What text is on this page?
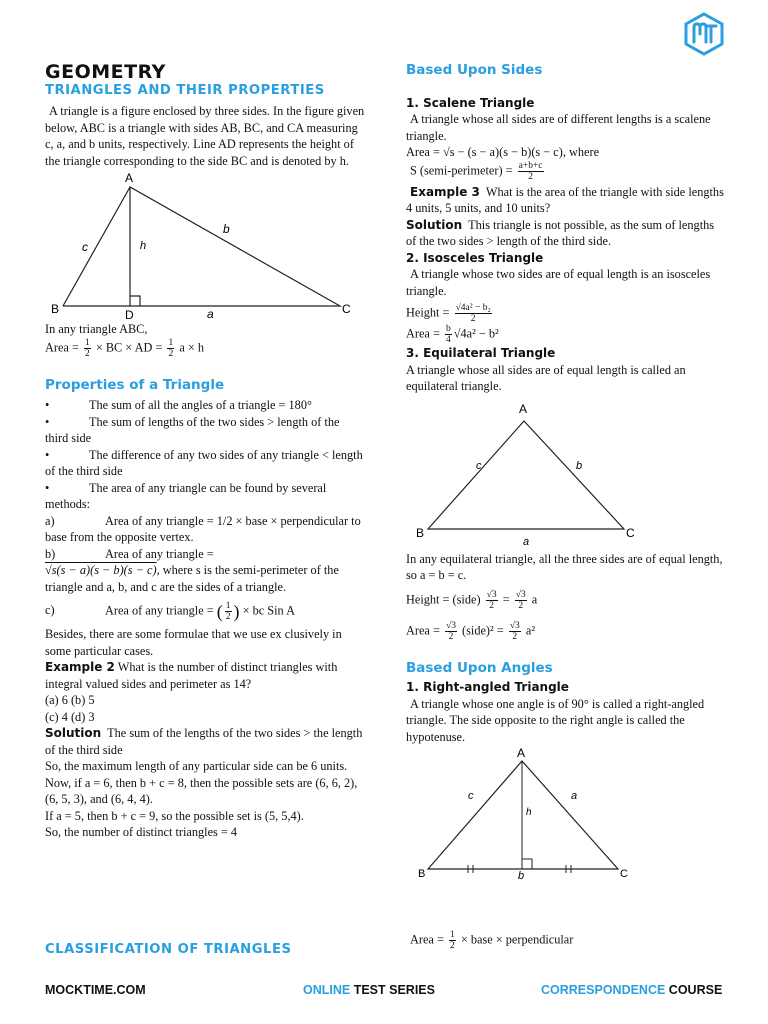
GEOMETRY
TRIANGLES AND THEIR PROPERTIES

A triangle is a figure enclosed by three sides. In the figure given below, ABC is a triangle with sides AB, BC, and CA measuring c, a, and b units, respectively. Line AD represents the height of the triangle corresponding to the side BC and is denoted by h.

A
B	C
D	a
b
c	h

In any triangle ABC,

Area = $\frac{1}{2}$ × BC × AD = $\frac{1}{2}$ a × h

Properties of a Triangle
•	The sum of all the angles of a triangle = 180°

•	The sum of lengths of the two sides > length of the third side

•	The difference of any two sides of any triangle < length of the third side

•	The area of any triangle can be found by several methods:

a)	Area of any triangle = 1/2 × base × perpendicular to base from the opposite vertex.

b)	Area of any triangle =

√s(s − a)(s − b)(s − c), where s is the semi-perimeter of the triangle and a, b, and c are the sides of a triangle.

c)	Area of any triangle = ( $\frac{1}{2}$ ) × bc Sin A

Besides, there are some formulae that we use ex clusively in some particular cases.

Example 2 What is the number of distinct triangles with integral valued sides and perimeter as 14?

(a) 6 (b) 5

(c) 4 (d) 3

Solution The sum of the lengths of the two sides > the length of the third side

So, the maximum length of any particular side can be 6 units.

Now, if a = 6, then b + c = 8, then the possible sets are (6, 6, 2), (6, 5, 3), and (6, 4, 4).

If a = 5, then b + c = 9, so the possible set is (5, 5,4).

So, the number of distinct triangles = 4

CLASSIFICATION OF TRIANGLES
Based Upon Sides
1. Scalene Triangle

A triangle whose all sides are of different lengths is a scalene triangle.

Area = √s − (s − a)(s − b)(s − c), where

S (semi-perimeter) = $\frac{a+b+c}{2}$

Example 3 What is the area of the triangle with side lengths 4 units, 5 units, and 10 units?

Solution This triangle is not possible, as the sum of lengths of the two sides > length of the third side.

2. Isosceles Triangle

A triangle whose two sides are of equal length is an isosceles triangle.

Height = $\frac{\text{√4a² − b₂}}{2}$

Area = $\frac{b}{4} √4a^2 - b^2$

3. Equilateral Triangle

A triangle whose all sides are of equal length is called an equilateral triangle.

A
B	C
a
b
c

In any equilateral triangle, all the three sides are of equal length, so a = b = c.

Height = (side) $\frac{√3}{2} = \frac{√3}{2}$ a

Area = $\frac{√3}{2}$ (side)² = $\frac{√3}{2} a^2$

Based Upon Angles
1. Right-angled Triangle

A triangle whose one angle is of 90° is called a right-angled triangle. The side opposite to the right angle is called the hypotenuse.

A
B	C
b
a
c
h

Area = $\frac{1}{2}$ × base × perpendicular

MOCKTIME.COM	ONLINE TEST SERIES	CORRESPONDENCE COURSE
